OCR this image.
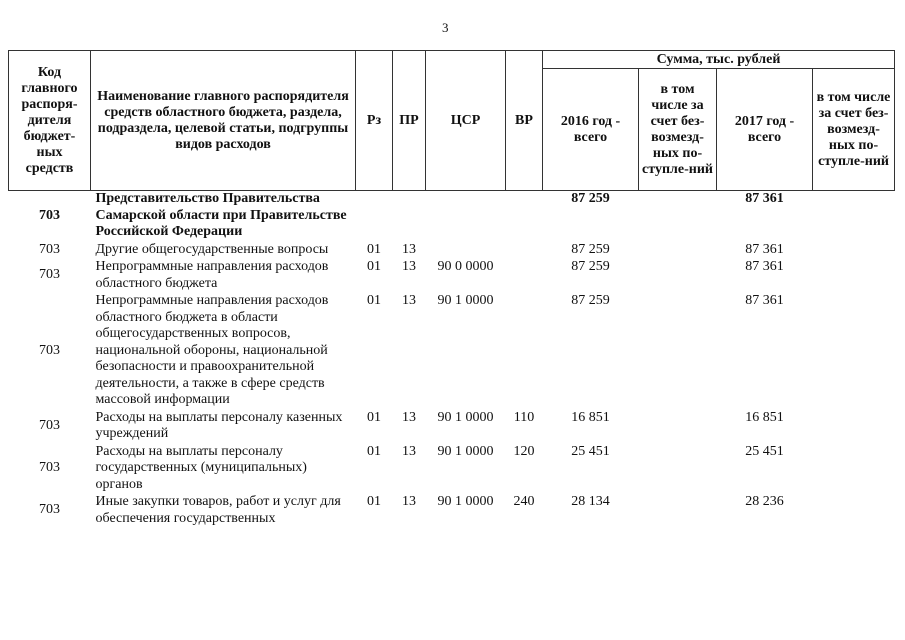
3
Код главного распоря-дителя бюджет-ных средств	Наименование главного распорядителя средств областного бюджета, раздела, подраздела, целевой статьи, подгруппы видов расходов	Рз	ПР	ЦСР	ВР	Сумма, тыс. рублей			
						2016 год - всего	в том числе за счет без-возмезд-ных по-ступле-ний	2017 год - всего	в том числе за счет без-возмезд-ных по-ступле-ний
703	Представительство Правительства Самарской области при Правительстве Российской Федерации					87 259		87 361	
703	Другие общегосударственные вопросы	01	13			87 259		87 361	
703	Непрограммные направления расходов областного бюджета	01	13	90 0 0000		87 259		87 361	
703	Непрограммные направления расходов областного бюджета в области общегосударственных вопросов, национальной обороны, национальной безопасности и правоохранительной деятельности, а также в сфере средств массовой информации	01	13	90 1 0000		87 259		87 361	
703	Расходы на выплаты персоналу казенных учреждений	01	13	90 1 0000	110	16 851		16 851	
703	Расходы на выплаты персоналу государственных (муниципальных) органов	01	13	90 1 0000	120	25 451		25 451	
703	Иные закупки товаров, работ и услуг для обеспечения государственных	01	13	90 1 0000	240	28 134		28 236	
